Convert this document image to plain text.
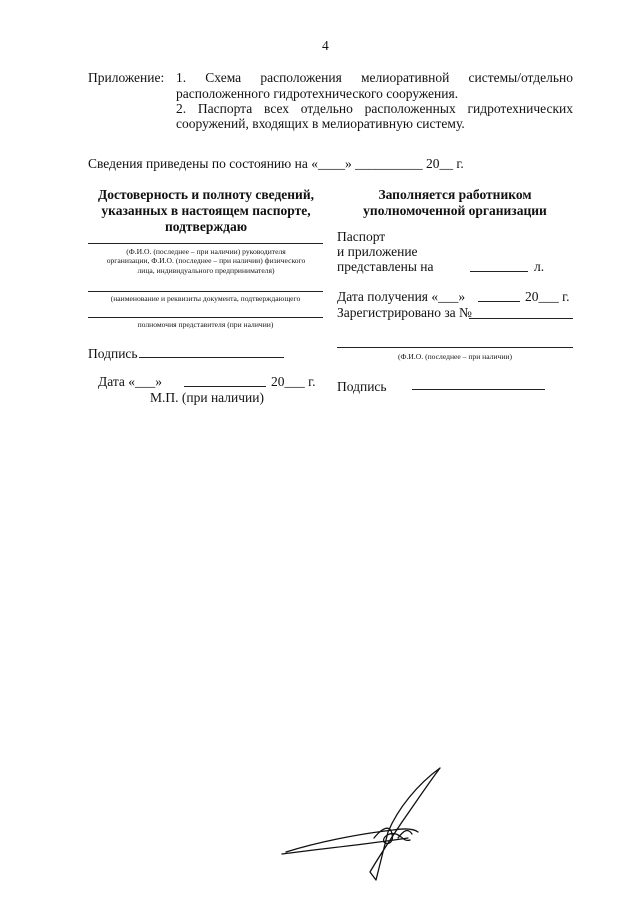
4
Приложение: 1. Схема расположения мелиоративной системы/отдельно
расположенного гидротехнического сооружения.
2. Паспорта всех отдельно расположенных гидротехнических
сооружений, входящих в мелиоративную систему.
Сведения приведены по состоянию на «____» __________ 20__ г.
Достоверность и полноту сведений,
указанных в настоящем паспорте,
подтверждаю
(Ф.И.О. (последнее – при наличии) руководителя
организации, Ф.И.О. (последнее – при наличии) физического
лица, индивидуального предпринимателя)
(наименование и реквизиты документа, подтверждающего
полномочия представителя (при наличии)
Подпись
Дата «___»	20___ г.
М.П. (при наличии)
Заполняется работником
уполномоченной организации
Паспорт
и приложение
представлены на	л.
Дата получения «___»	20___ г.
Зарегистрировано за №
(Ф.И.О. (последнее – при наличии)
Подпись
